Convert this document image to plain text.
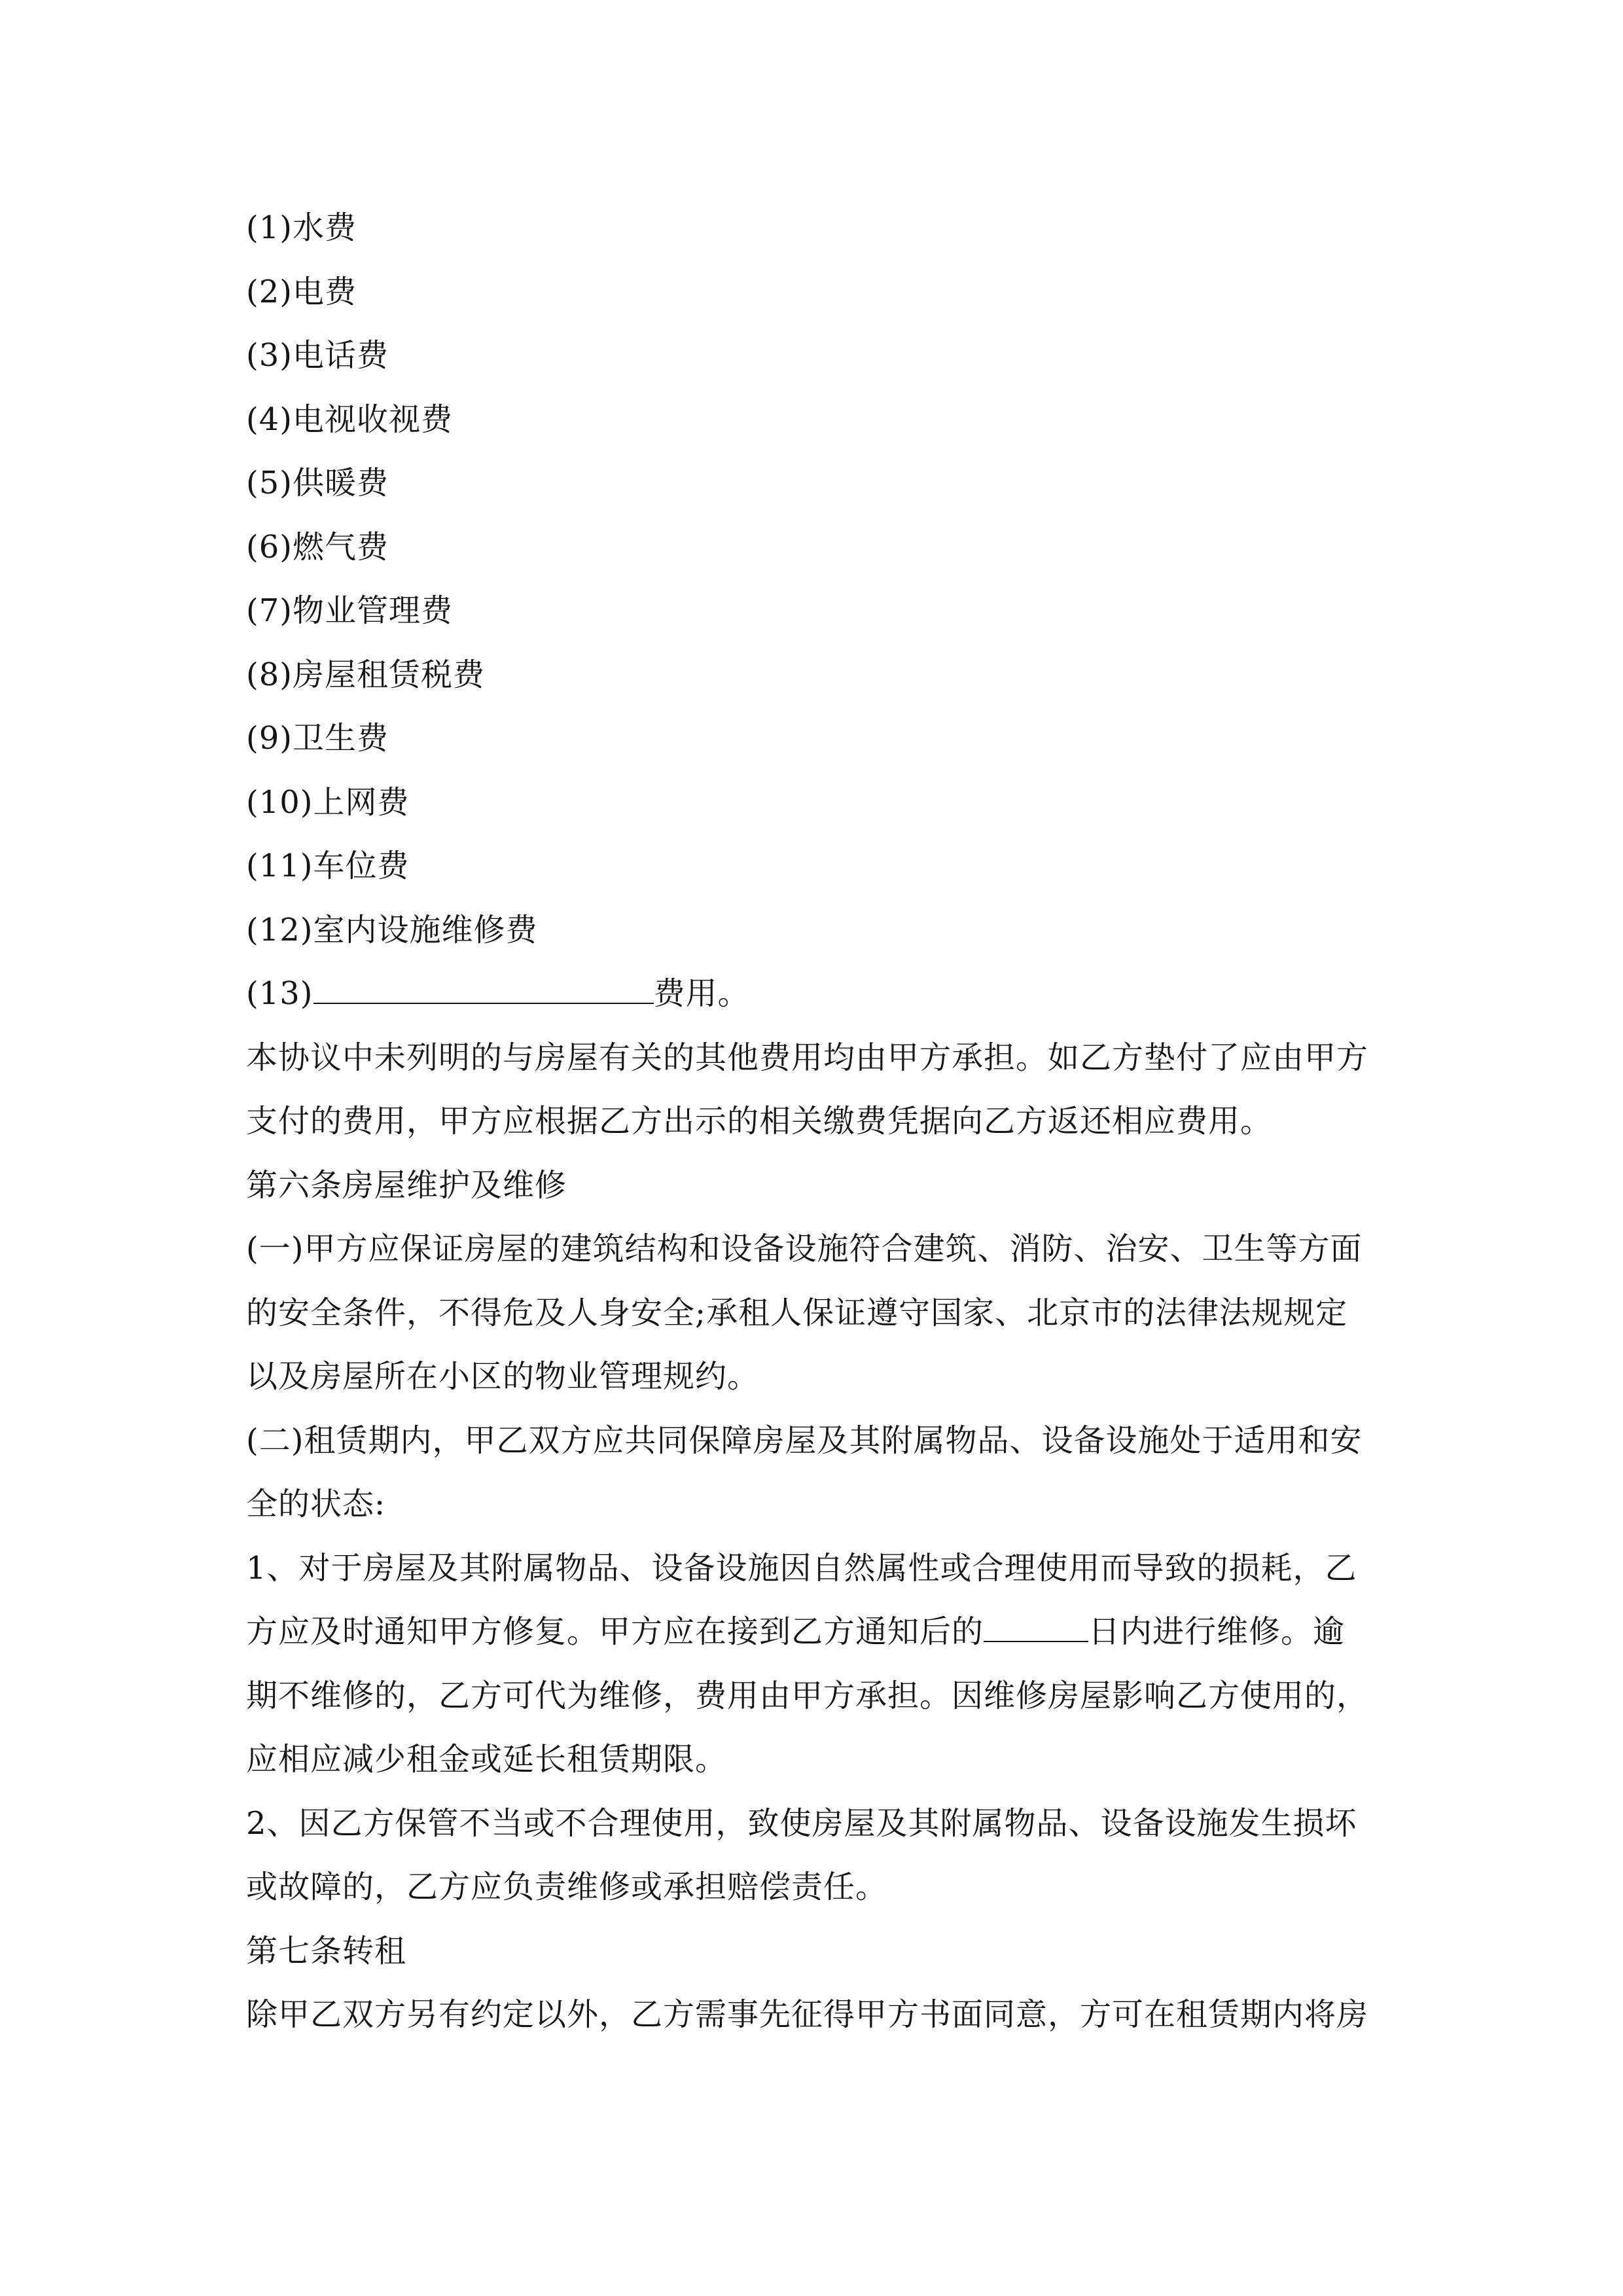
(1)水费
(2)电费
(3)电话费
(4)电视收视费
(5)供暖费
(6)燃气费
(7)物业管理费
(8)房屋租赁税费
(9)卫生费
(10)上网费
(11)车位费
(12)室内设施维修费
(13)	费用。
本协议中未列明的与房屋有关的其他费用均由甲方承担。如乙方垫付了应由甲方
支付的费用，甲方应根据乙方出示的相关缴费凭据向乙方返还相应费用。
第六条房屋维护及维修
(一)甲方应保证房屋的建筑结构和设备设施符合建筑、消防、治安、卫生等方面
的安全条件，不得危及人身安全;承租人保证遵守国家、北京市的法律法规规定
以及房屋所在小区的物业管理规约。
(二)租赁期内，甲乙双方应共同保障房屋及其附属物品、设备设施处于适用和安
全的状态:
1、对于房屋及其附属物品、设备设施因自然属性或合理使用而导致的损耗，乙
方应及时通知甲方修复。甲方应在接到乙方通知后的	日内进行维修。逾
期不维修的，乙方可代为维修，费用由甲方承担。因维修房屋影响乙方使用的，
应相应减少租金或延长租赁期限。
2、因乙方保管不当或不合理使用，致使房屋及其附属物品、设备设施发生损坏
或故障的，乙方应负责维修或承担赔偿责任。
第七条转租
除甲乙双方另有约定以外，乙方需事先征得甲方书面同意，方可在租赁期内将房
